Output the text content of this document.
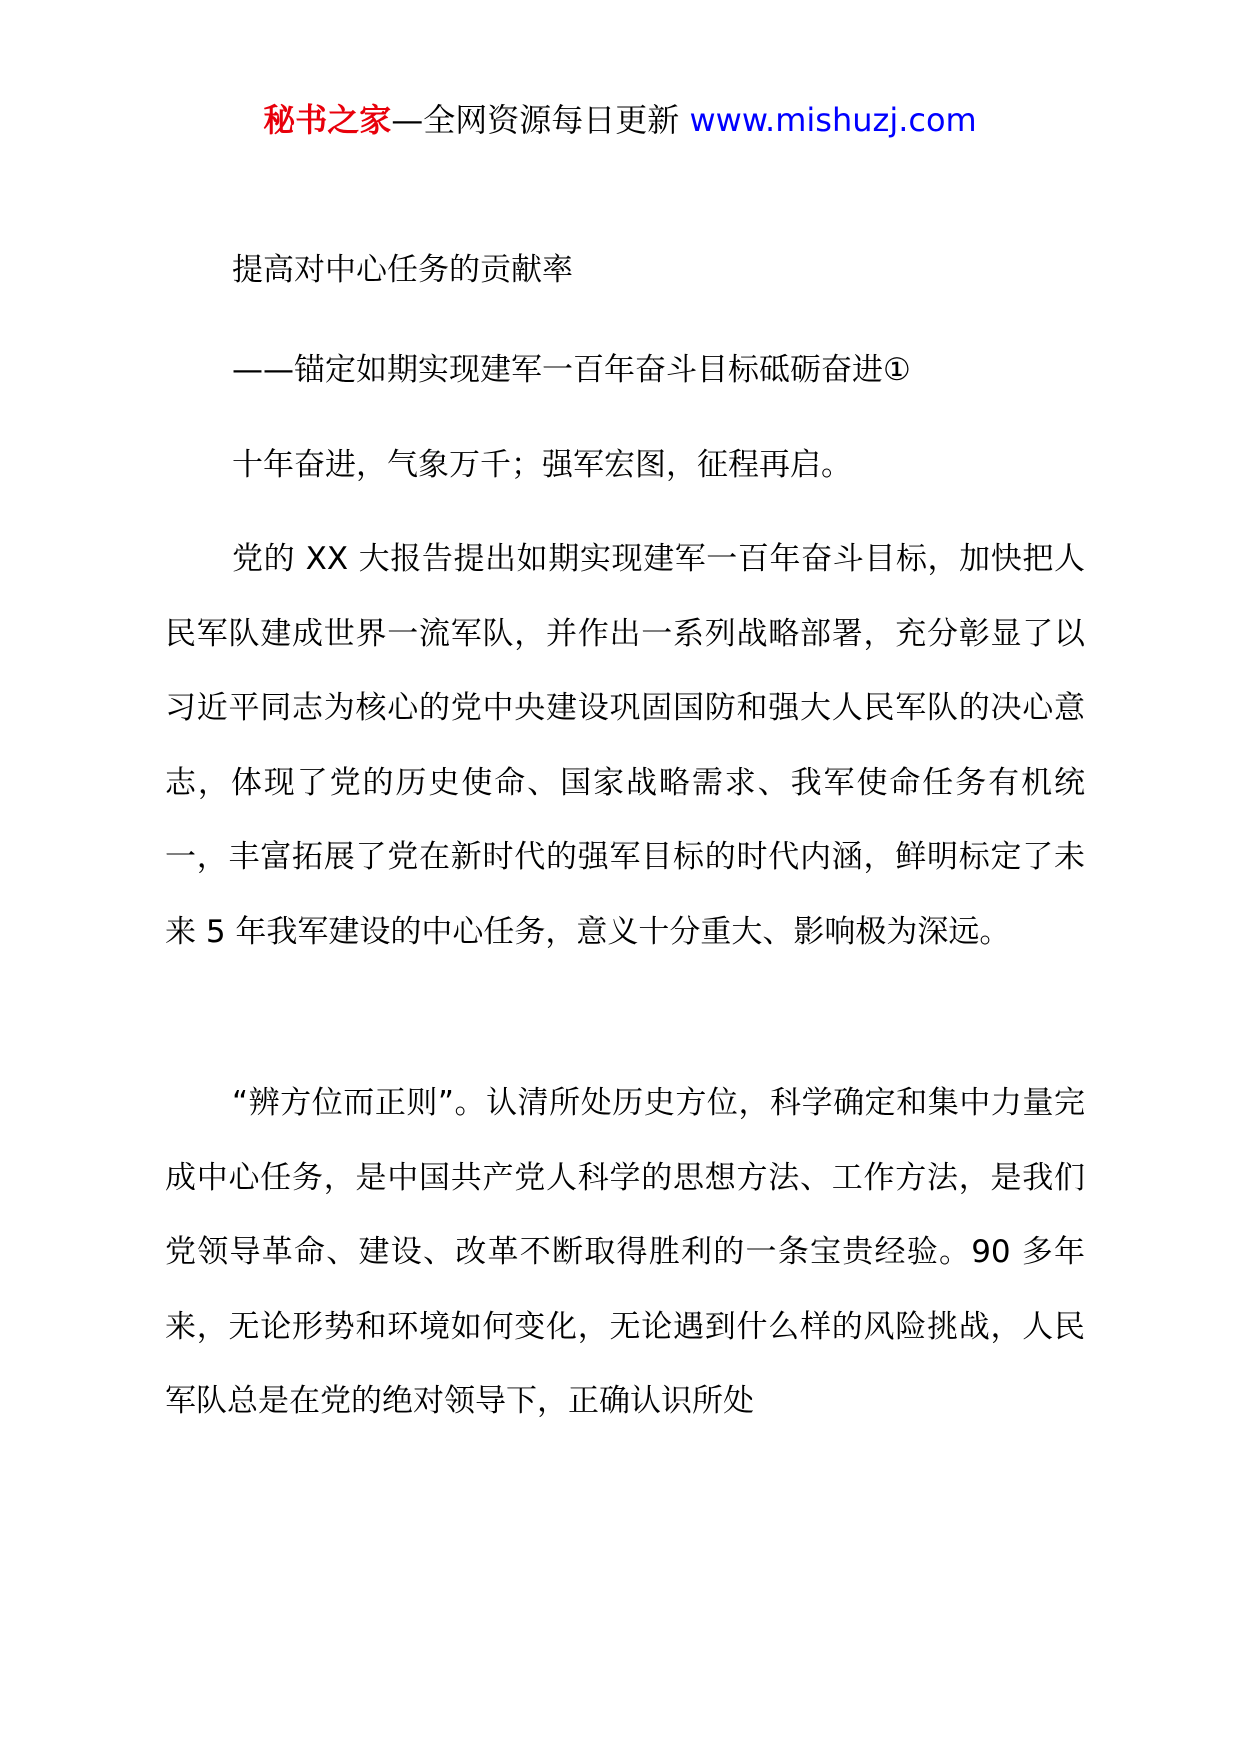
秘书之家—全网资源每日更新 www.mishuzj.com
提高对中心任务的贡献率
——锚定如期实现建军一百年奋斗目标砥砺奋进①
十年奋进，气象万千；强军宏图，征程再启。

党的 XX 大报告提出如期实现建军一百年奋斗目标，加快把人民军队建成世界一流军队，并作出一系列战略部署，充分彰显了以习近平同志为核心的党中央建设巩固国防和强大人民军队的决心意志，体现了党的历史使命、国家战略需求、我军使命任务有机统一，丰富拓展了党在新时代的强军目标的时代内涵，鲜明标定了未来 5 年我军建设的中心任务，意义十分重大、影响极为深远。

“辨方位而正则”。认清所处历史方位，科学确定和集中力量完成中心任务，是中国共产党人科学的思想方法、工作方法，是我们党领导革命、建设、改革不断取得胜利的一条宝贵经验。90 多年来，无论形势和环境如何变化，无论遇到什么样的风险挑战，人民军队总是在党的绝对领导下，正确认识所处
